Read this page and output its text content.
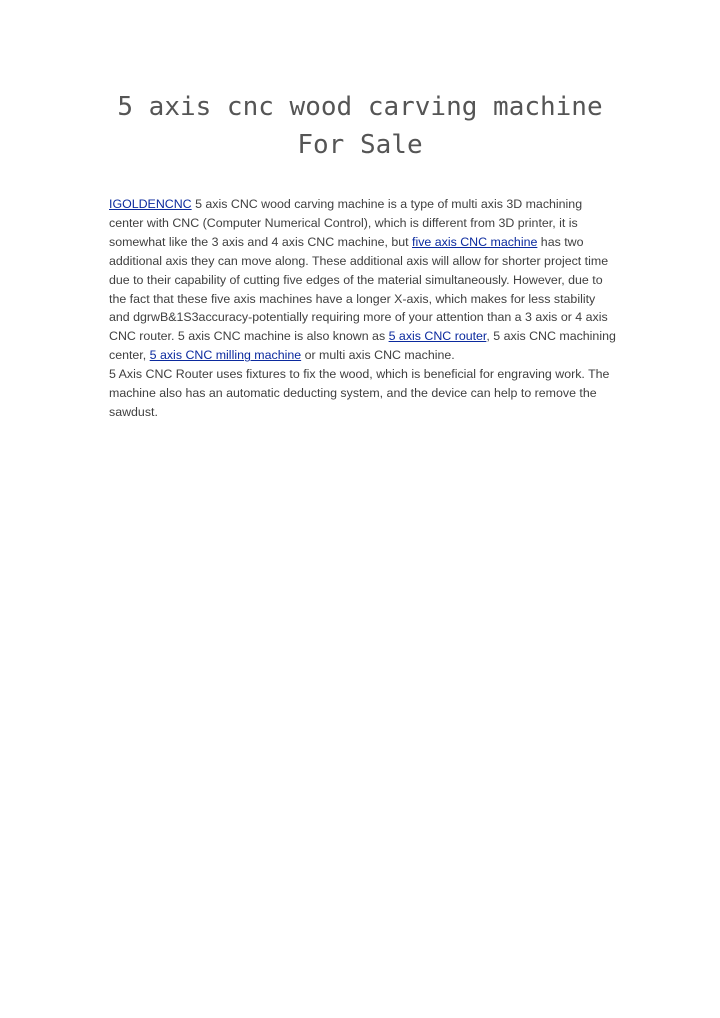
5 axis cnc wood carving machine For Sale

IGOLDENCNC 5 axis CNC wood carving machine is a type of multi axis 3D machining center with CNC (Computer Numerical Control), which is different from 3D printer, it is somewhat like the 3 axis and 4 axis CNC machine, but five axis CNC machine has two additional axis they can move along. These additional axis will allow for shorter project time due to their capability of cutting five edges of the material simultaneously. However, due to the fact that these five axis machines have a longer X-axis, which makes for less stability and dgrwB&1S3accuracy-potentially requiring more of your attention than a 3 axis or 4 axis CNC router. 5 axis CNC machine is also known as 5 axis CNC router, 5 axis CNC machining center, 5 axis CNC milling machine or multi axis CNC machine.

5 Axis CNC Router uses fixtures to fix the wood, which is beneficial for engraving work. The machine also has an automatic deducting system, and the device can help to remove the sawdust.
